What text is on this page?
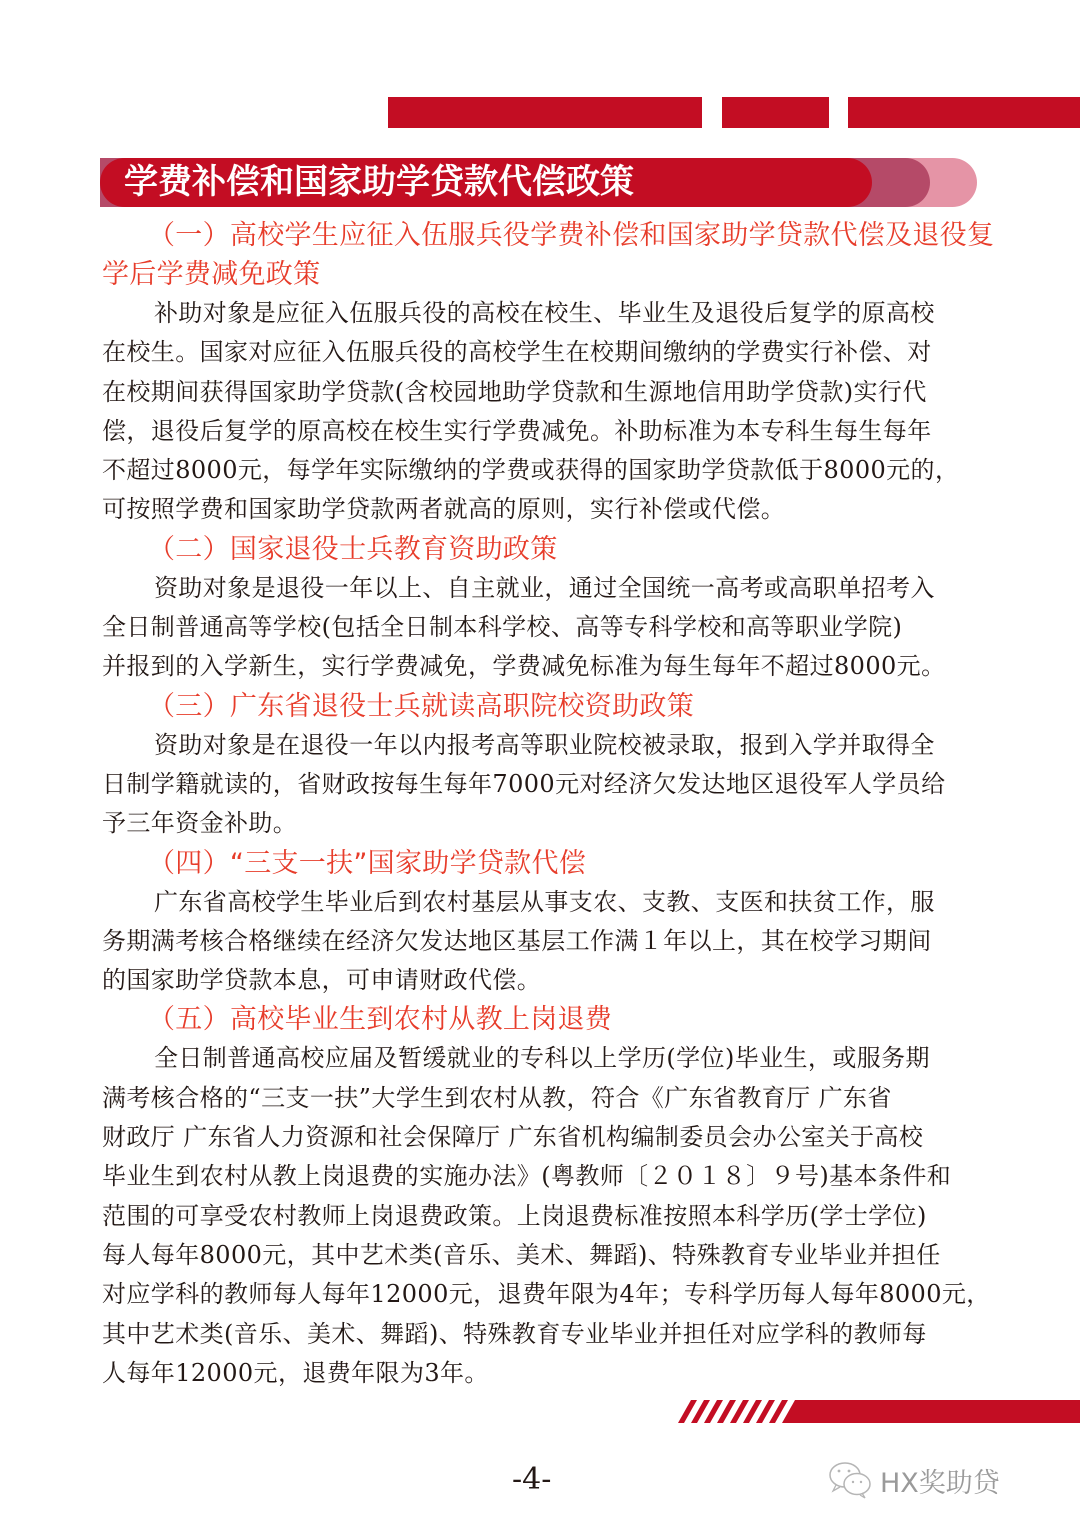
学费补偿和国家助学贷款代偿政策
（一）高校学生应征入伍服兵役学费补偿和国家助学贷款代偿及退役复
学后学费减免政策
补助对象是应征入伍服兵役的高校在校生、毕业生及退役后复学的原高校
在校生。国家对应征入伍服兵役的高校学生在校期间缴纳的学费实行补偿、对
在校期间获得国家助学贷款(含校园地助学贷款和生源地信用助学贷款)实行代
偿，退役后复学的原高校在校生实行学费减免。补助标准为本专科生每生每年
不超过8000元，每学年实际缴纳的学费或获得的国家助学贷款低于8000元的，
可按照学费和国家助学贷款两者就高的原则，实行补偿或代偿。
（二）国家退役士兵教育资助政策
资助对象是退役一年以上、自主就业，通过全国统一高考或高职单招考入
全日制普通高等学校(包括全日制本科学校、高等专科学校和高等职业学院)
并报到的入学新生，实行学费减免，学费减免标准为每生每年不超过8000元。
（三）广东省退役士兵就读高职院校资助政策
资助对象是在退役一年以内报考高等职业院校被录取，报到入学并取得全
日制学籍就读的，省财政按每生每年7000元对经济欠发达地区退役军人学员给
予三年资金补助。
（四）“三支一扶”国家助学贷款代偿
广东省高校学生毕业后到农村基层从事支农、支教、支医和扶贫工作，服
务期满考核合格继续在经济欠发达地区基层工作满１年以上，其在校学习期间
的国家助学贷款本息，可申请财政代偿。
（五）高校毕业生到农村从教上岗退费
全日制普通高校应届及暂缓就业的专科以上学历(学位)毕业生，或服务期
满考核合格的“三支一扶”大学生到农村从教，符合《广东省教育厅 广东省
财政厅 广东省人力资源和社会保障厅 广东省机构编制委员会办公室关于高校
毕业生到农村从教上岗退费的实施办法》(粤教师〔２０１８〕９号)基本条件和
范围的可享受农村教师上岗退费政策。上岗退费标准按照本科学历(学士学位)
每人每年8000元，其中艺术类(音乐、美术、舞蹈)、特殊教育专业毕业并担任
对应学科的教师每人每年12000元，退费年限为4年；专科学历每人每年8000元，
其中艺术类(音乐、美术、舞蹈)、特殊教育专业毕业并担任对应学科的教师每
人每年12000元，退费年限为3年。
-4-	HX奖助贷
